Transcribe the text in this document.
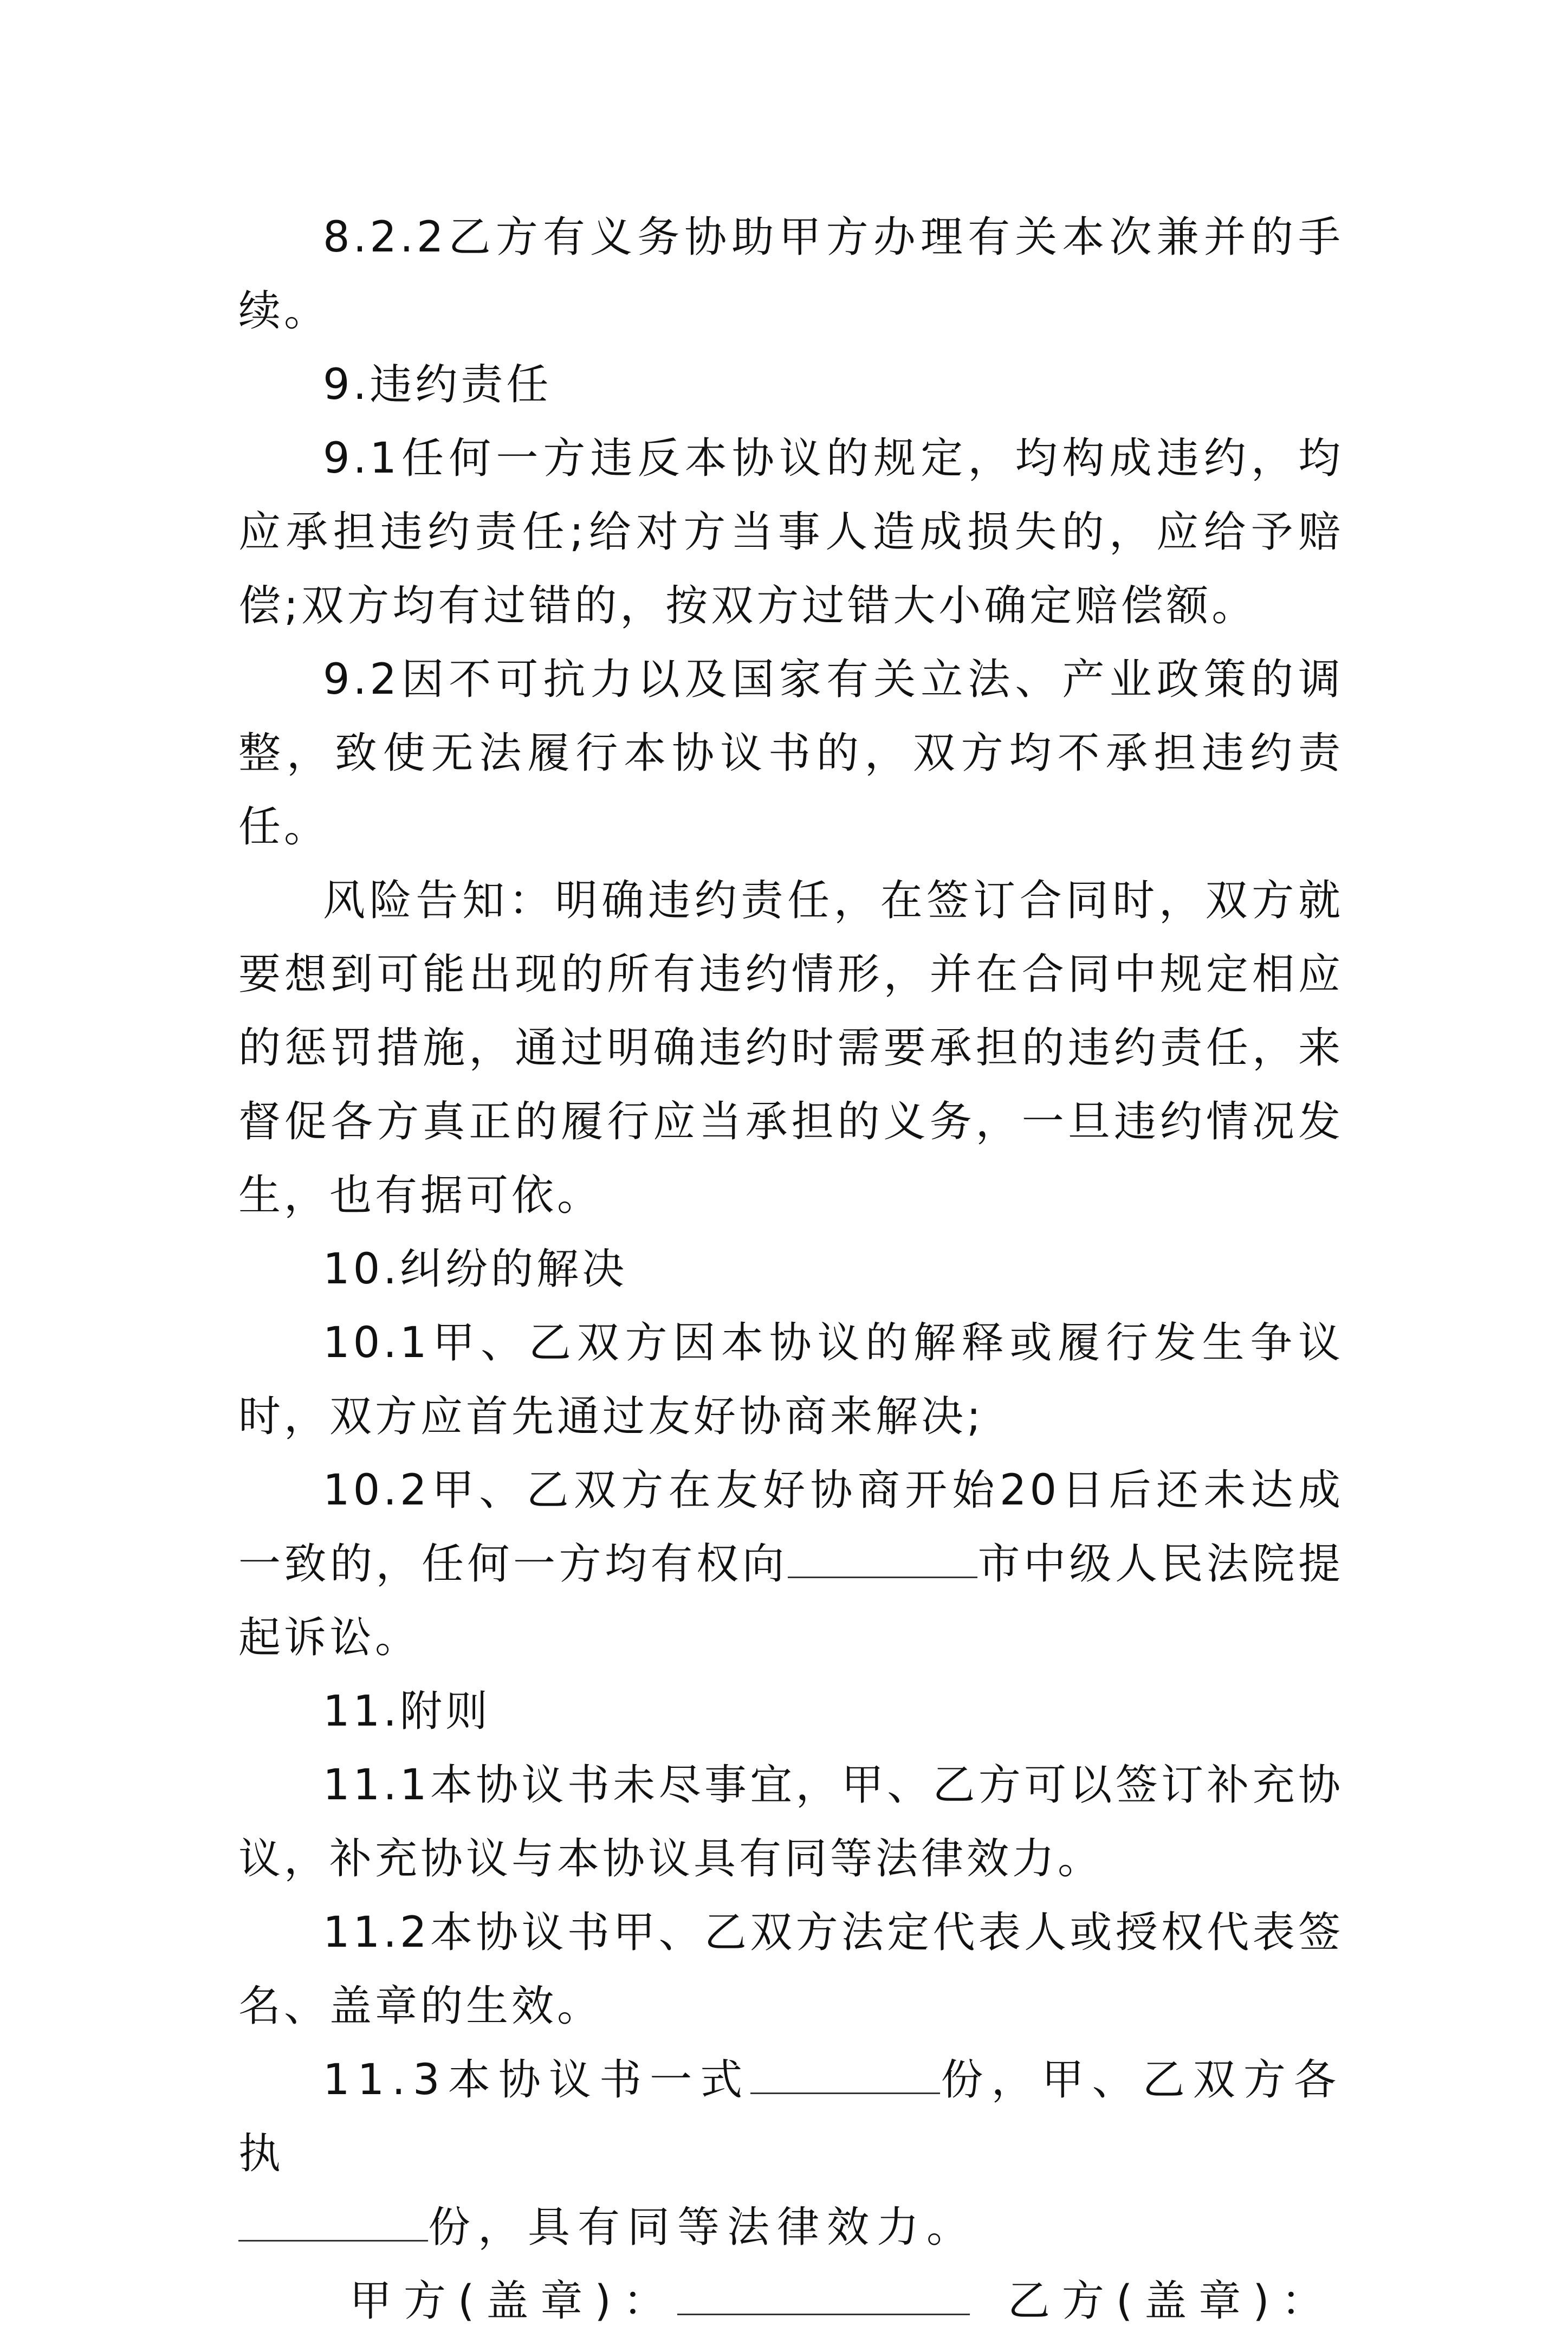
8.2.2乙方有义务协助甲方办理有关本次兼并的手续。

9.违约责任

9.1任何一方违反本协议的规定，均构成违约，均应承担违约责任;给对方当事人造成损失的，应给予赔偿;双方均有过错的，按双方过错大小确定赔偿额。

9.2因不可抗力以及国家有关立法、产业政策的调整，致使无法履行本协议书的，双方均不承担违约责任。

风险告知：明确违约责任，在签订合同时，双方就要想到可能出现的所有违约情形，并在合同中规定相应的惩罚措施，通过明确违约时需要承担的违约责任，来督促各方真正的履行应当承担的义务，一旦违约情况发生，也有据可依。

10.纠纷的解决

10.1甲、乙双方因本协议的解释或履行发生争议时，双方应首先通过友好协商来解决;

10.2甲、乙双方在友好协商开始20日后还未达成一致的，任何一方均有权向	市中级人民法院提起诉讼。

11.附则

11.1本协议书未尽事宜，甲、乙方可以签订补充协议，补充协议与本协议具有同等法律效力。

11.2本协议书甲、乙双方法定代表人或授权代表签名、盖章的生效。

11.3本协议书一式	份，甲、乙双方各执
份，具有同等法律效力。

甲方(盖章)：	乙方(盖章)：
